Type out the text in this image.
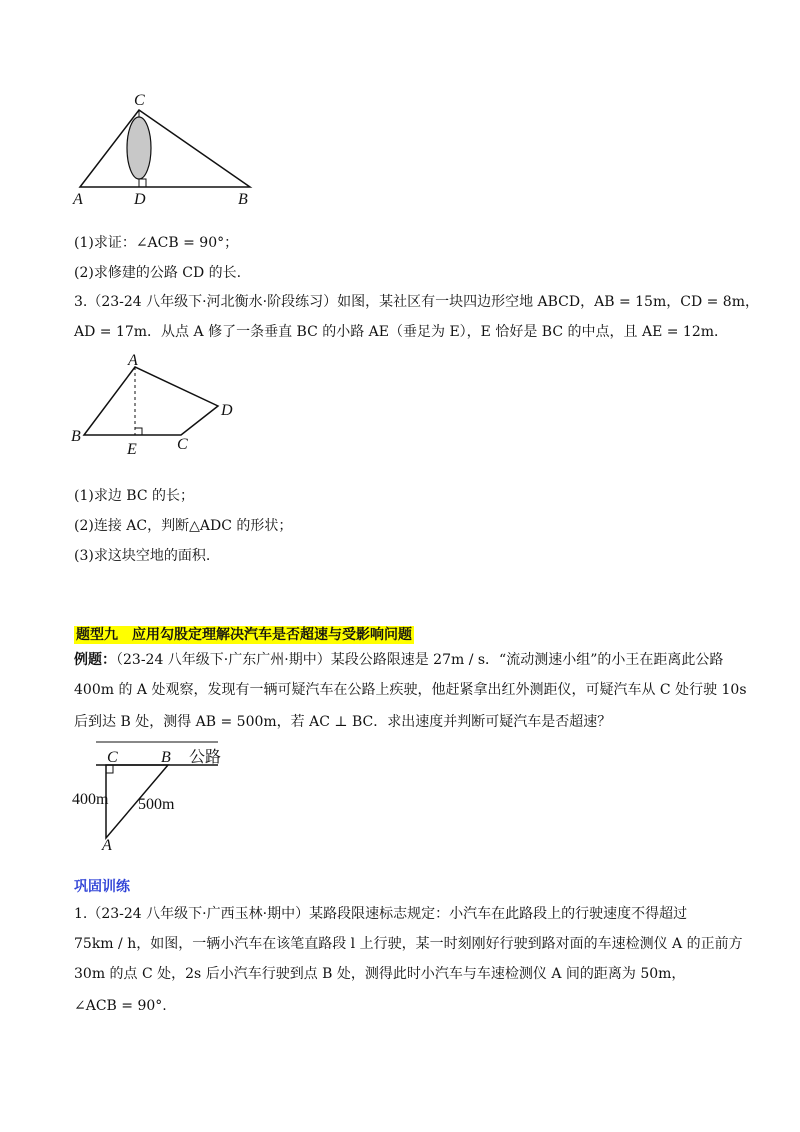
C
A	D	B
(1)求证：∠ACB = 90°；
(2)求修建的公路 CD 的长.
3.（23-24 八年级下·河北衡水·阶段练习）如图，某社区有一块四边形空地 ABCD，AB = 15m，CD = 8m，
AD = 17m．从点 A 修了一条垂直 BC 的小路 AE（垂足为 E），E 恰好是 BC 的中点，且 AE = 12m．
A
B
D
C
E
(1)求边 BC 的长；
(2)连接 AC，判断△ADC 的形状；
(3)求这块空地的面积.
题型九　应用勾股定理解决汽车是否超速与受影响问题
例题：（23-24 八年级下·广东广州·期中）某段公路限速是 27m / s．“流动测速小组”的小王在距离此公路
400m 的 A 处观察，发现有一辆可疑汽车在公路上疾驶，他赶紧拿出红外测距仪，可疑汽车从 C 处行驶 10s
后到达 B 处，测得 AB = 500m，若 AC ⊥ BC．求出速度并判断可疑汽车是否超速？
C	B 公路
400m 500m
A
巩固训练
1.（23-24 八年级下·广西玉林·期中）某路段限速标志规定：小汽车在此路段上的行驶速度不得超过
75km / h，如图，一辆小汽车在该笔直路段 l 上行驶，某一时刻刚好行驶到路对面的车速检测仪 A 的正前方
30m 的点 C 处，2s 后小汽车行驶到点 B 处，测得此时小汽车与车速检测仪 A 间的距离为 50m，
∠ACB = 90°.
